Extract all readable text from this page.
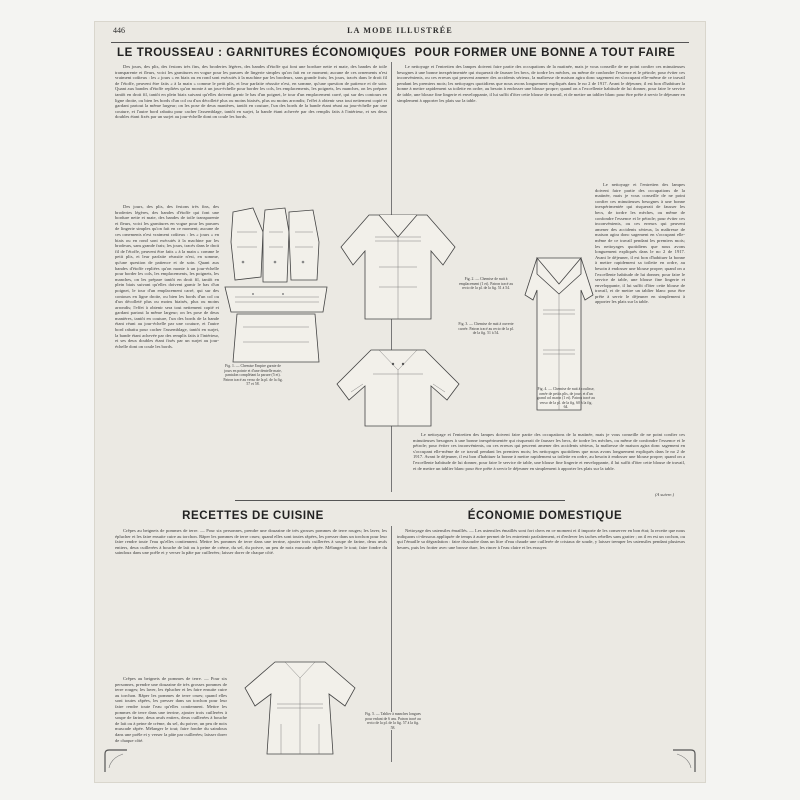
446	LA MODE ILLUSTRÉE
LE TROUSSEAU : GARNITURES ÉCONOMIQUES POUR FORMER UNE BONNE A TOUT FAIRE

Des jours, des plis, des festons très fins, des broderies légères, des bandes d'étoffe qui font une bordure nette et mate, des bandes de toile transparente et fleurs, voici les garnitures en vogue pour les parures de lingerie simples qu'on fait en ce moment; aucune de ces ornements n'est vraiment coûteux : les « jours » en biais ou en rond sont exécutés à la machine par les brodeurs, sans grande frais; les jours, tracés dans le droit fil de l'étoffe, peuvent être faits « à la main » comme le petit plis, et leur parfaite réussite n'est, en somme, qu'une question de patience et de soin. Quant aux bandes d'étoffe repliées qu'on monte à un jour-échelle pour border les cols, les emplacements, les poignets, les manches, on les prépare tantôt en droit fil, tantôt en plein biais suivant qu'elles doivent garnir le bas d'un poignet, le tour d'un emplacement carré, qui sur des contours en ligne droite, ou bien les bords d'un col ou d'un décolleté plus ou moins biaisés, plus ou moins arrondis; l'effet à obtenir sera tout nettement copié et gardant partout la même largeur; on les pose de deux manières, tantôt en couture, l'un des bords de la bande étant réuni au jour-échelle par une couture, et l'autre bord rabattu pour cacher l'assemblage, tantôt en surjet, la bande étant achevée par des remplis faits à l'intérieur, et ses deux doubles étant fixés par un surjet au jour-échelle dont on coule les bords.

Des jours, des plis, des festons très fins, des broderies légères, des bandes d'étoffe qui font une bordure nette et mate, des bandes de toile transparente et fleurs, voici les garnitures en vogue pour les parures de lingerie simples qu'on fait en ce moment; aucune de ces ornements n'est vraiment coûteux : les « jours » en biais ou en rond sont exécutés à la machine par les brodeurs, sans grande frais; les jours, tracés dans le droit fil de l'étoffe, peuvent être faits « à la main » comme le petit plis, et leur parfaite réussite n'est, en somme, qu'une question de patience et de soin. Quant aux bandes d'étoffe repliées qu'on monte à un jour-échelle pour border les cols, les emplacements, les poignets, les manches, on les prépare tantôt en droit fil, tantôt en plein biais suivant qu'elles doivent garnir le bas d'un poignet, le tour d'un emplacement carré, qui sur des contours en ligne droite, ou bien les bords d'un col ou d'un décolleté plus ou moins biaisés, plus ou moins arrondis; l'effet à obtenir sera tout nettement copié et gardant partout la même largeur; on les pose de deux manières, tantôt en couture, l'un des bords de la bande étant réuni au jour-échelle par une couture, et l'autre bord rabattu pour cacher l'assemblage, tantôt en surjet, la bande étant achevée par des remplis faits à l'intérieur, et ses deux doubles étant fixés par un surjet au jour-échelle dont on coule les bords.

Le nettoyage et l'entretien des lampes doivent faire partie des occupations de la matinée, mais je vous conseille de ne point confier ces minutieuses besognes à une bonne inexpérimentée qui risquerait de fausser les becs, de tordre les mèches, ou même de confondre l'essence et le pétrole; pour éviter ces inconvénients, ou ces erreurs qui peuvent amener des accidents sérieux, la maîtresse de maison agira donc sagement en s'occupant elle-même de ce travail pendant les premiers mois; les nettoyages quotidiens que nous avons longuement expliqués dans le no 2 de 1917. Avant le déjeuner, il est bon d'habituer la bonne à mettre rapidement sa toilette en ordre, au besoin à endosser une blouse propre; quand on a l'excellente habitude de lui donner, pour faire le service de table, une blouse fine lingerie et enveloppante, il lui suffit d'ôter cette blouse de travail, et de mettre un tablier blanc pour être prête à servir le déjeuner en simplement à apporter les plats sur la table.

Le nettoyage et l'entretien des lampes doivent faire partie des occupations de la matinée, mais je vous conseille de ne point confier ces minutieuses besognes à une bonne inexpérimentée qui risquerait de fausser les becs, de tordre les mèches, ou même de confondre l'essence et le pétrole; pour éviter ces inconvénients, ou ces erreurs qui peuvent amener des accidents sérieux, la maîtresse de maison agira donc sagement en s'occupant elle-même de ce travail pendant les premiers mois; les nettoyages quotidiens que nous avons longuement expliqués dans le no 2 de 1917. Avant le déjeuner, il est bon d'habituer la bonne à mettre rapidement sa toilette en ordre, au besoin à endosser une blouse propre; quand on a l'excellente habitude de lui donner, pour faire le service de table, une blouse fine lingerie et enveloppante, il lui suffit d'ôter cette blouse de travail, et de mettre un tablier blanc pour être prête à servir le déjeuner en simplement à apporter les plats sur la table.

Le nettoyage et l'entretien des lampes doivent faire partie des occupations de la matinée, mais je vous conseille de ne point confier ces minutieuses besognes à une bonne inexpérimentée qui risquerait de fausser les becs, de tordre les mèches, ou même de confondre l'essence et le pétrole; pour éviter ces inconvénients, ou ces erreurs qui peuvent amener des accidents sérieux, la maîtresse de maison agira donc sagement en s'occupant elle-même de ce travail pendant les premiers mois; les nettoyages quotidiens que nous avons longuement expliqués dans le no 2 de 1917. Avant le déjeuner, il est bon d'habituer la bonne à mettre rapidement sa toilette en ordre, au besoin à endosser une blouse propre; quand on a l'excellente habitude de lui donner, pour faire le service de table, une blouse fine lingerie et enveloppante, il lui suffit d'ôter cette blouse de travail, et de mettre un tablier blanc pour être prête à servir le déjeuner en simplement à apporter les plats sur la table.

(A suivre.)
Fig. 1. — Chemise Empire garnie de jours en pointe et d'une dentelle mate, pantalon complétant la parure (5 et). Patron tracé au verso de la pl. de la fig. 57 et 58.
Fig. 2. — Chemise de nuit à emplacement (1 et). Patron tracé au recto de la pl. de la fig. 51 à 54.
Fig. 3. — Chemise de nuit à ouverte carrée. Patron tracé au recto de la pl. de la fig. 51 à 54.
Fig. 4. — Chemise de nuit à coulisse, ornée de petits plis, de jours et d'un grand col marin (1 et). Patron tracé au verso de la pl. de la fig. 60 à la fig. 64.
RECETTES DE CUISINE	ÉCONOMIE DOMESTIQUE

Crêpes au beignets de pommes de terre. — Pour six personnes, prendre une douzaine de très grosses pommes de terre rouges; les laver, les éplucher et les faire ensuite cuire au torchon. Râper les pommes de terre crues; quand elles sont toutes râpées, les presser dans un torchon pour leur faire rendre toute l'eau qu'elles contiennent. Mettre les pommes de terre dans une terrine, ajouter trois cuillerées à soupe de farine, deux œufs entiers, deux cuillerées à bouche de lait ou à peine de crème, du sel, du poivre, un peu de noix muscade râpée. Mélanger le tout; faire fondre du saindoux dans une poêle et y verser la pâte par cuillerées; laisser dorer de chaque côté.

Crêpes au beignets de pommes de terre. — Pour six personnes, prendre une douzaine de très grosses pommes de terre rouges; les laver, les éplucher et les faire ensuite cuire au torchon. Râper les pommes de terre crues; quand elles sont toutes râpées, les presser dans un torchon pour leur faire rendre toute l'eau qu'elles contiennent. Mettre les pommes de terre dans une terrine, ajouter trois cuillerées à soupe de farine, deux œufs entiers, deux cuillerées à bouche de lait ou à peine de crème, du sel, du poivre, un peu de noix muscade râpée. Mélanger le tout; faire fondre du saindoux dans une poêle et y verser la pâte par cuillerées; laisser dorer de chaque côté.

Fig. 5. — Tablier à manches longues pour enfant de 6 ans. Patron tracé au recto de la pl. de la fig. 57 à la fig. 58.

Nettoyage des ustensiles émaillés. — Les ustensiles émaillés sont fort chers en ce moment et il importe de les conserver en bon état; la recette que nous indiquons ci-dessous appliquée de temps à autre permet de les entretenir parfaitement, et d'enlever les taches rebelles sans gratter ; on il en est un cochon, ou qui l'émaille sa dégradation : faire dissoudre dans un litre d'eau chaude une cuillerée de cristaux de soude, y laisser tremper les ustensiles pendant plusieurs heures, puis les frotter avec une brosse dure, les rincer à l'eau claire et les essuyer.
